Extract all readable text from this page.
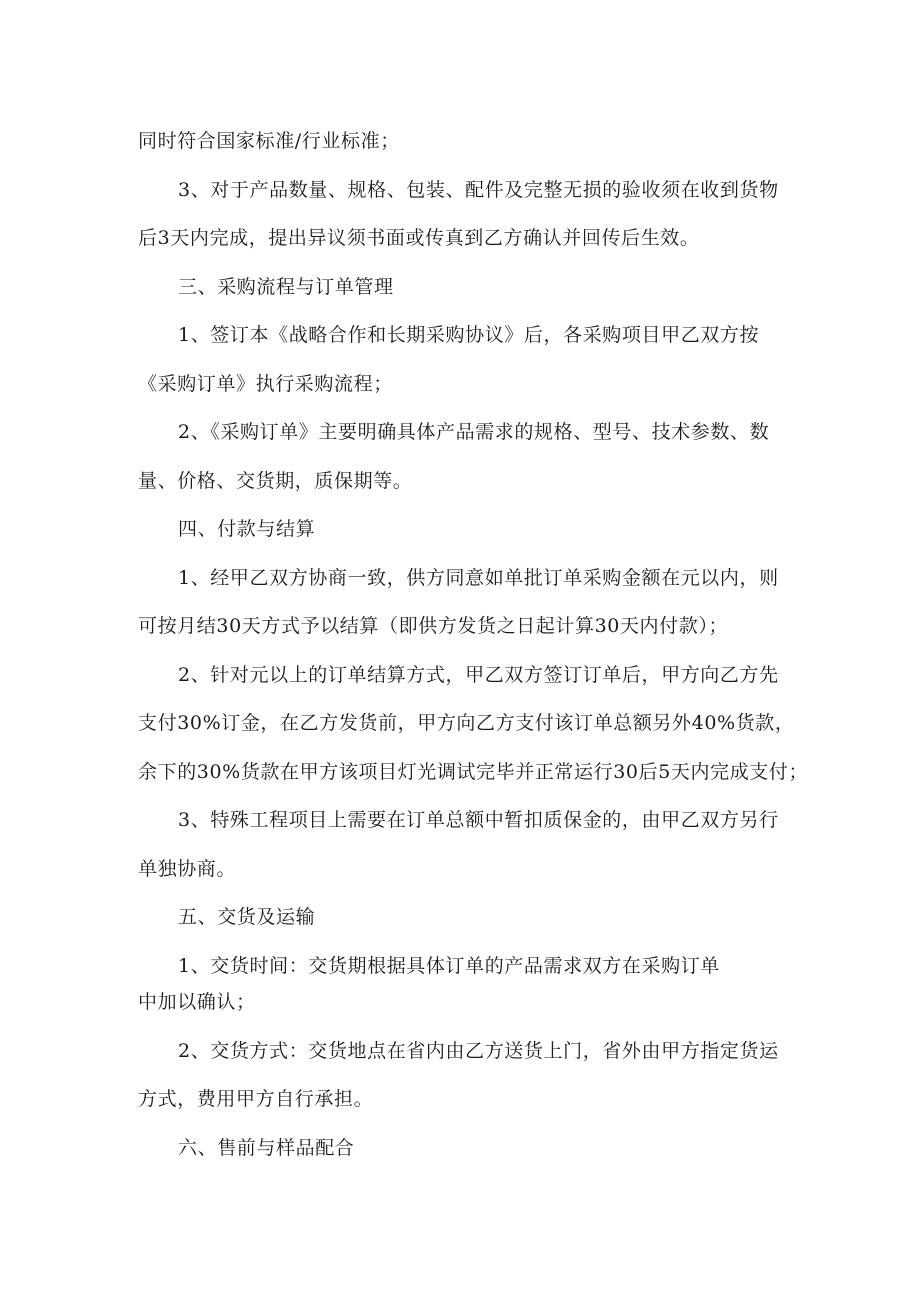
同时符合国家标准/行业标准；
3、对于产品数量、规格、包装、配件及完整无损的验收须在收到货物
后3天内完成，提出异议须书面或传真到乙方确认并回传后生效。
三、采购流程与订单管理
1、签订本《战略合作和长期采购协议》后，各采购项目甲乙双方按
《采购订单》执行采购流程；
2、《采购订单》主要明确具体产品需求的规格、型号、技术参数、数
量、价格、交货期，质保期等。
四、付款与结算
1、经甲乙双方协商一致，供方同意如单批订单采购金额在元以内，则
可按月结30天方式予以结算（即供方发货之日起计算30天内付款）；
2、针对元以上的订单结算方式，甲乙双方签订订单后，甲方向乙方先
支付30%订金，在乙方发货前，甲方向乙方支付该订单总额另外40%货款，
余下的30%货款在甲方该项目灯光调试完毕并正常运行30后5天内完成支付；
3、特殊工程项目上需要在订单总额中暂扣质保金的，由甲乙双方另行
单独协商。
五、交货及运输
1、交货时间：交货期根据具体订单的产品需求双方在采购订单
中加以确认；
2、交货方式：交货地点在省内由乙方送货上门，省外由甲方指定货运
方式，费用甲方自行承担。
六、售前与样品配合
